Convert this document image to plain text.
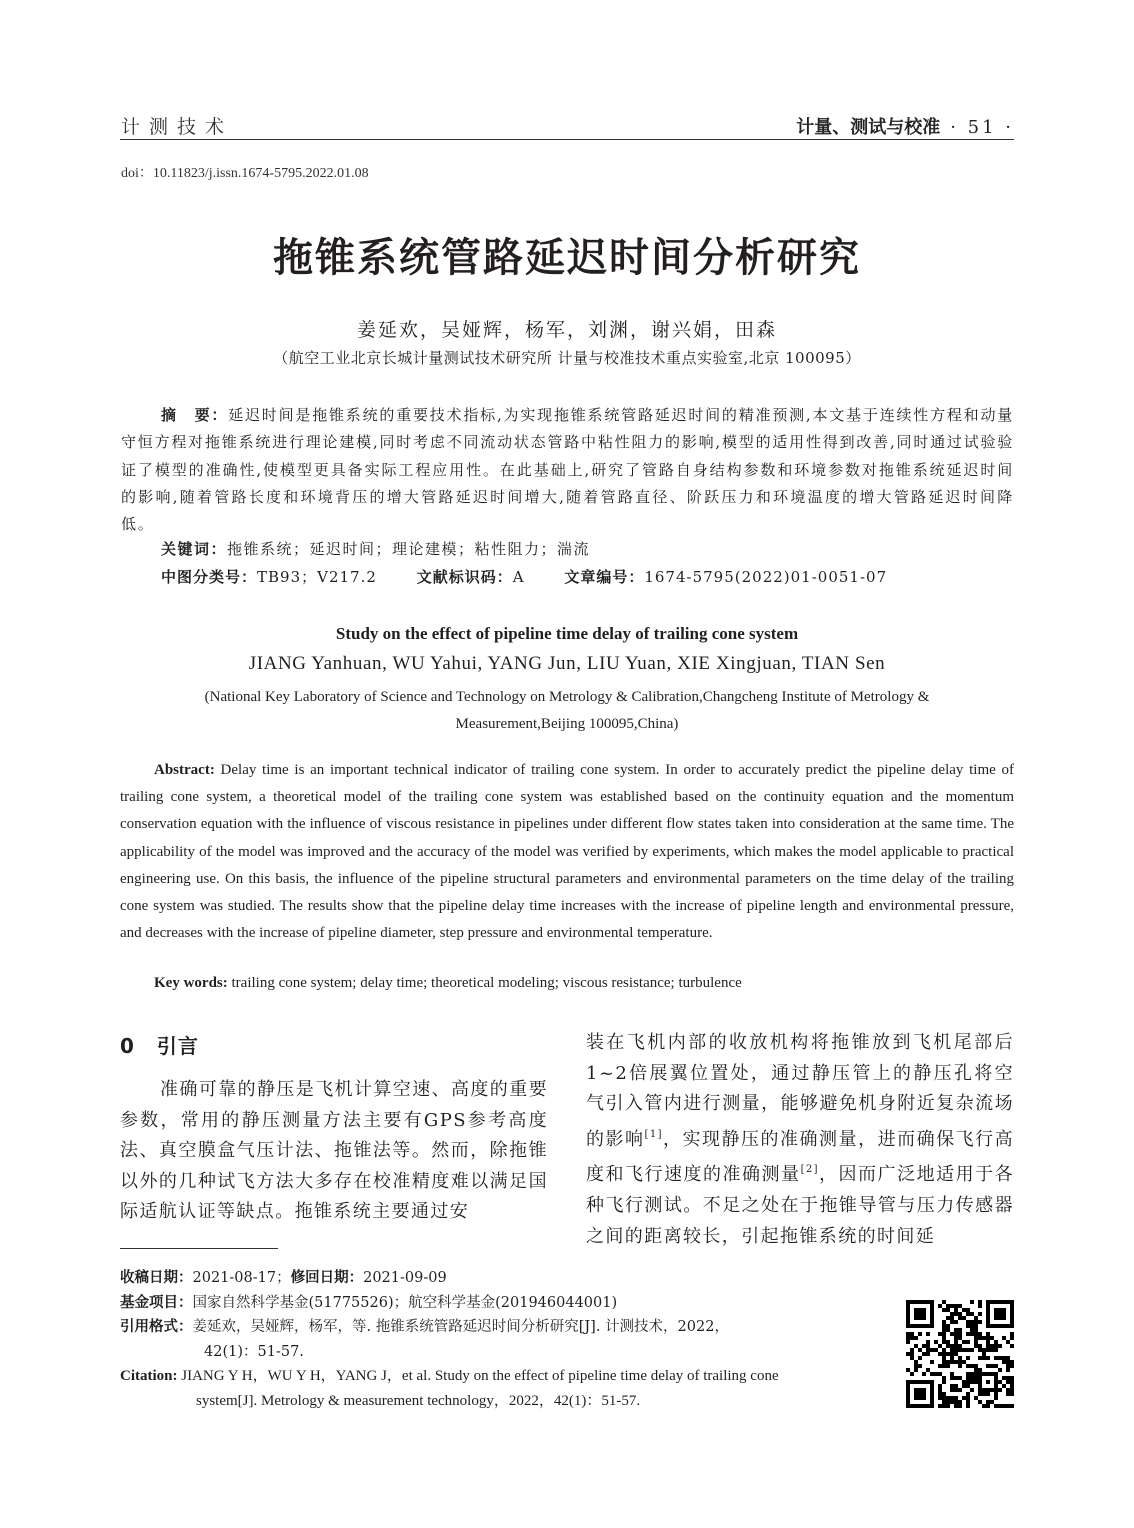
计测技术	计量、测试与校准 · 51 ·
doi：10.11823/j.issn.1674-5795.2022.01.08
拖锥系统管路延迟时间分析研究
姜延欢，吴娅辉，杨军，刘渊，谢兴娟，田森
（航空工业北京长城计量测试技术研究所 计量与校准技术重点实验室,北京 100095）
摘　要：延迟时间是拖锥系统的重要技术指标,为实现拖锥系统管路延迟时间的精准预测,本文基于连续性方程和动量守恒方程对拖锥系统进行理论建模,同时考虑不同流动状态管路中粘性阻力的影响,模型的适用性得到改善,同时通过试验验证了模型的准确性,使模型更具备实际工程应用性。在此基础上,研究了管路自身结构参数和环境参数对拖锥系统延迟时间的影响,随着管路长度和环境背压的增大管路延迟时间增大,随着管路直径、阶跃压力和环境温度的增大管路延迟时间降低。
关键词：拖锥系统；延迟时间；理论建模；粘性阻力；湍流
中图分类号：TB93；V217.2	文献标识码：A	文章编号：1674-5795(2022)01-0051-07
Study on the effect of pipeline time delay of trailing cone system
JIANG Yanhuan, WU Yahui, YANG Jun, LIU Yuan, XIE Xingjuan, TIAN Sen
(National Key Laboratory of Science and Technology on Metrology & Calibration,Changcheng Institute of Metrology &
Measurement,Beijing 100095,China)
Abstract: Delay time is an important technical indicator of trailing cone system. In order to accurately predict the pipeline delay time of trailing cone system, a theoretical model of the trailing cone system was established based on the continuity equation and the momentum conservation equation with the influence of viscous resistance in pipelines under different flow states taken into consideration at the same time. The applicability of the model was improved and the accuracy of the model was verified by experiments, which makes the model applicable to practical engineering use. On this basis, the influence of the pipeline structural parameters and environmental parameters on the time delay of the trailing cone system was studied. The results show that the pipeline delay time increases with the increase of pipeline length and environmental pressure, and decreases with the increase of pipeline diameter, step pressure and environmental temperature.
Key words: trailing cone system; delay time; theoretical modeling; viscous resistance; turbulence
0 引言
准确可靠的静压是飞机计算空速、高度的重要参数，常用的静压测量方法主要有GPS参考高度法、真空膜盒气压计法、拖锥法等。然而，除拖锥以外的几种试飞方法大多存在校准精度难以满足国际适航认证等缺点。拖锥系统主要通过安
装在飞机内部的收放机构将拖锥放到飞机尾部后1~2倍展翼位置处，通过静压管上的静压孔将空气引入管内进行测量，能够避免机身附近复杂流场的影响[1]，实现静压的准确测量，进而确保飞行高度和飞行速度的准确测量[2]，因而广泛地适用于各种飞行测试。不足之处在于拖锥导管与压力传感器之间的距离较长，引起拖锥系统的时间延
收稿日期：2021-08-17；修回日期：2021-09-09
基金项目：国家自然科学基金(51775526)；航空科学基金(201946044001)
引用格式：姜延欢，吴娅辉，杨军，等. 拖锥系统管路延迟时间分析研究[J]. 计测技术，2022，
42(1)：51-57.
Citation: JIANG Y H，WU Y H，YANG J，et al. Study on the effect of pipeline time delay of trailing cone
system[J]. Metrology & measurement technology，2022，42(1)：51-57.
